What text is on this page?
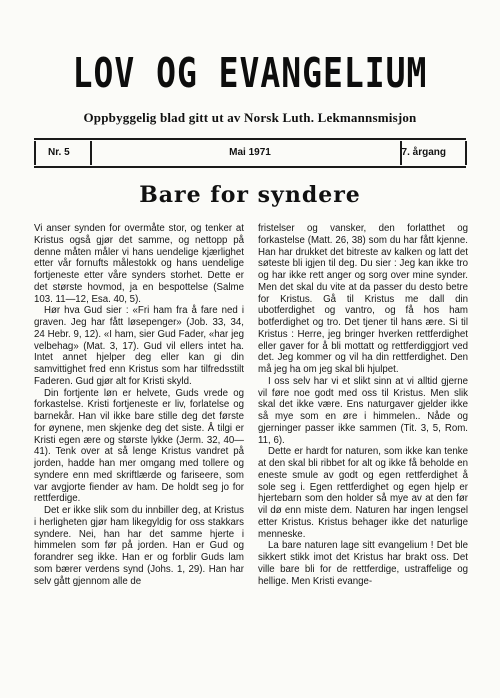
LOV OG EVANGELIUM
Oppbyggelig blad gitt ut av Norsk Luth. Lekmannsmisjon
Nr. 5	Mai 1971	7. årgang
Bare for syndere

Vi anser synden for overmåte stor, og tenker at Kristus også gjør det samme, og nettopp på denne måten måler vi hans uendelige kjærlighet etter vår fornufts målestokk og hans uendelige fortjeneste etter våre synders storhet. Dette er det største hovmod, ja en bespottelse (Salme 103. 11—12, Esa. 40, 5).

Hør hva Gud sier : «Fri ham fra å fare ned i graven. Jeg har fått løsepenger» (Job. 33, 34, 24 Hebr. 9, 12). «I ham, sier Gud Fader, «har jeg velbehag» (Mat. 3, 17). Gud vil ellers intet ha. Intet annet hjelper deg eller kan gi din samvittighet fred enn Kristus som har tilfredsstilt Faderen. Gud gjør alt for Kristi skyld.

Din fortjente løn er helvete, Guds vrede og forkastelse. Kristi fortjeneste er liv, forlatelse og barnekår. Han vil ikke bare stille deg det første for øynene, men skjenke deg det siste. Å tilgi er Kristi egen ære og største lykke (Jerm. 32, 40—41). Tenk over at så lenge Kristus vandret på jorden, hadde han mer omgang med tollere og syndere enn med skriftlærde og fariseere, som var avgjorte fiender av ham. De holdt seg jo for rettferdige.

Det er ikke slik som du innbiller deg, at Kristus i herligheten gjør ham likegyldig for oss stakkars syndere. Nei, han har det samme hjerte i himmelen som før på jorden. Han er Gud og forandrer seg ikke. Han er og forblir Guds lam som bærer verdens synd (Johs. 1, 29). Han har selv gått gjennom alle de

fristelser og vansker, den forlatthet og forkastelse (Matt. 26, 38) som du har fått kjenne. Han har drukket det bitreste av kalken og latt det søteste bli igjen til deg. Du sier : Jeg kan ikke tro og har ikke rett anger og sorg over mine synder. Men det skal du vite at da passer du desto betre for Kristus. Gå til Kristus me dall din ubotferdighet og vantro, og få hos ham botferdighet og tro. Det tjener til hans ære. Si til Kristus : Herre, jeg bringer hverken rettferdighet eller gaver for å bli mottatt og rettferdiggjort ved det. Jeg kommer og vil ha din rettferdighet. Den må jeg ha om jeg skal bli hjulpet.

I oss selv har vi et slikt sinn at vi alltid gjerne vil føre noe godt med oss til Kristus. Men slik skal det ikke være. Ens naturgaver gjelder ikke så mye som en øre i himmelen.. Nåde og gjerninger passer ikke sammen (Tit. 3, 5, Rom. 11, 6).

Dette er hardt for naturen, som ikke kan tenke at den skal bli ribbet for alt og ikke få beholde en eneste smule av godt og egen rettferdighet å sole seg i. Egen rettferdighet og egen hjelp er hjertebarn som den holder så mye av at den før vil dø enn miste dem. Naturen har ingen lengsel etter Kristus. Kristus behager ikke det naturlige menneske.

La bare naturen lage sitt evangelium ! Det ble sikkert stikk imot det Kristus har brakt oss. Det ville bare bli for de rettferdige, ustraffelige og hellige. Men Kristi evange-
